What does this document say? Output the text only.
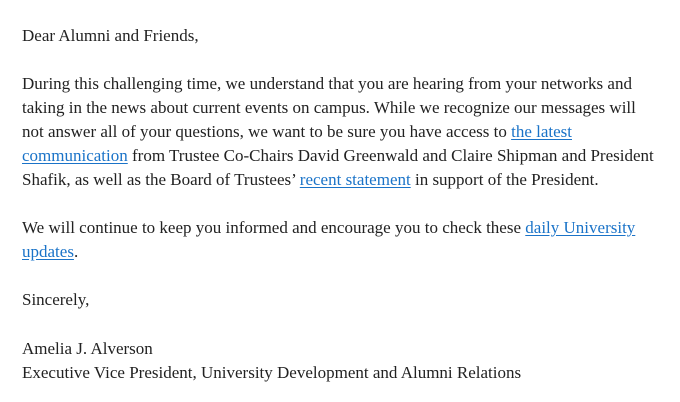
Dear Alumni and Friends,
During this challenging time, we understand that you are hearing from your networks and
taking in the news about current events on campus. While we recognize our messages will
not answer all of your questions, we want to be sure you have access to the latest
communication from Trustee Co-Chairs David Greenwald and Claire Shipman and President
Shafik, as well as the Board of Trustees’ recent statement in support of the President.
We will continue to keep you informed and encourage you to check these daily University
updates.
Sincerely,
Amelia J. Alverson
Executive Vice President, University Development and Alumni Relations
